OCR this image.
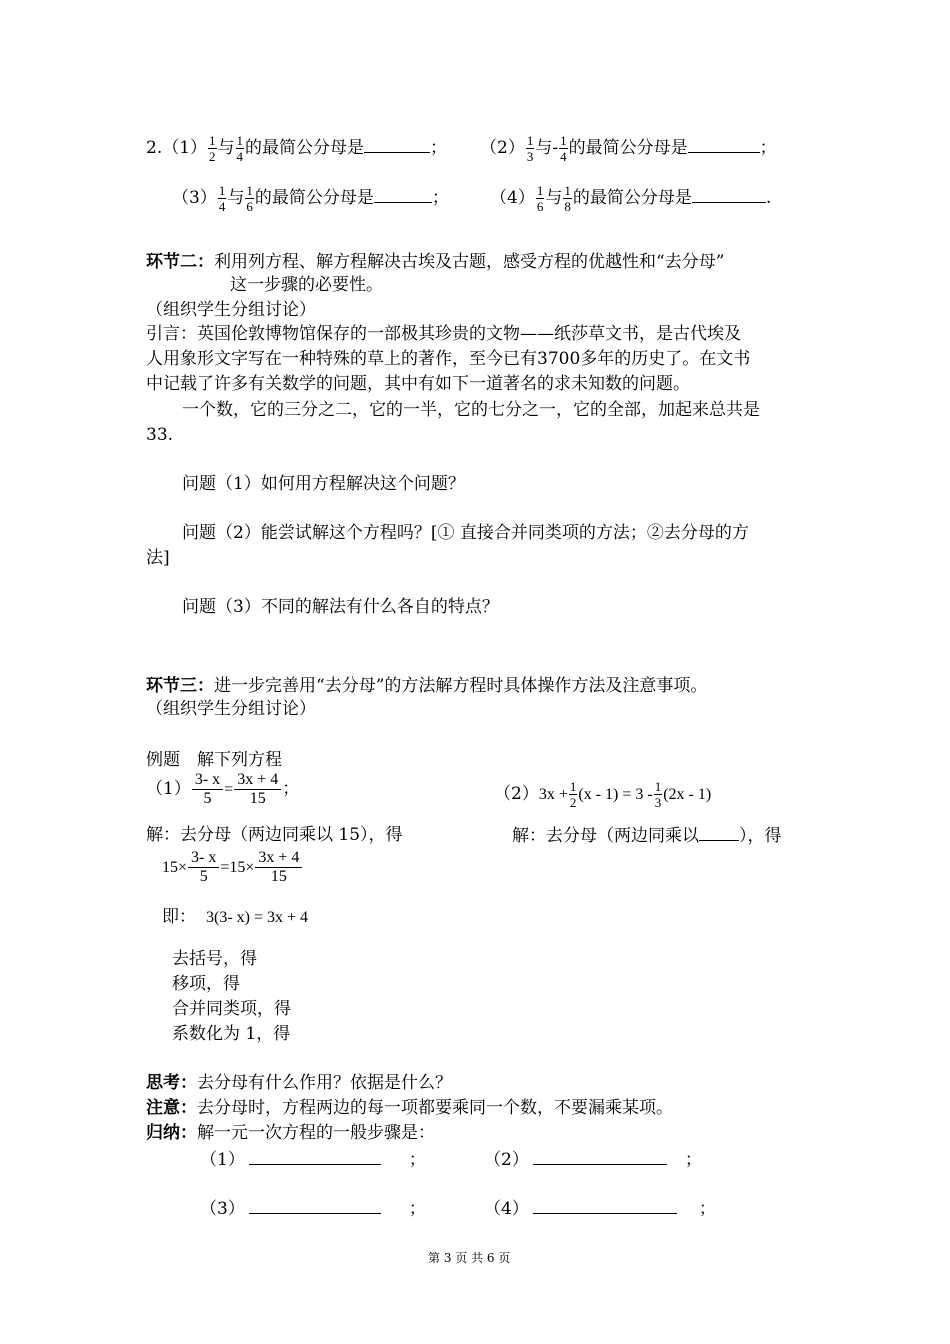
$2.(1) \frac{1}{2}$ 与 $\frac{1}{4}$ 的最简公分母是	； $(2) \frac{1}{3}$ 与- $\frac{1}{4}$ 的最简公分母是	；
$(3) \frac{1}{4}$ 与 $\frac{1}{6}$ 的最简公分母是	； $(4) \frac{1}{6}$ 与 $\frac{1}{8}$ 的最简公分母是	.
环节二：利用列方程、解方程解决古埃及古题，感受方程的优越性和“去分母”
这一步骤的必要性。
（组织学生分组讨论）
引言：英国伦敦博物馆保存的一部极其珍贵的文物——纸莎草文书，是古代埃及
人用象形文字写在一种特殊的草上的著作，至今已有3700多年的历史了。在文书
中记载了许多有关数学的问题，其中有如下一道著名的求未知数的问题。
一个数，它的三分之二，它的一半，它的七分之一，它的全部，加起来总共是
33.
问题（1）如何用方程解决这个问题？
问题（2）能尝试解这个方程吗？[① 直接合并同类项的方法；②去分母的方
法]
问题（3）不同的解法有什么各自的特点？
环节三：进一步完善用“去分母”的方法解方程时具体操作方法及注意事项。
（组织学生分组讨论）
例题　解下列方程
$(1) \frac{3- x}{5} = \frac{3x + 4}{15}$ ；	$(2)3x + \frac{1}{2} (x - 1) = 3 - \frac{1}{3} (2x - 1)$
解：去分母（两边同乘以 15），得	解：去分母（两边同乘以 ），得
$15\times \frac{3- x}{5} =15\times \frac{3x + 4}{15}$
即： 3(3- x) = 3x + 4
去括号，得
移项，得
合并同类项，得
系数化为 1，得
思考：去分母有什么作用？依据是什么？
注意：去分母时，方程两边的每一项都要乘同一个数，不要漏乘某项。
归纳：解一元一次方程的一般步骤是：
（1）	；	（2）	；
（3）	；	（4）	；
第 3 页 共 6 页
